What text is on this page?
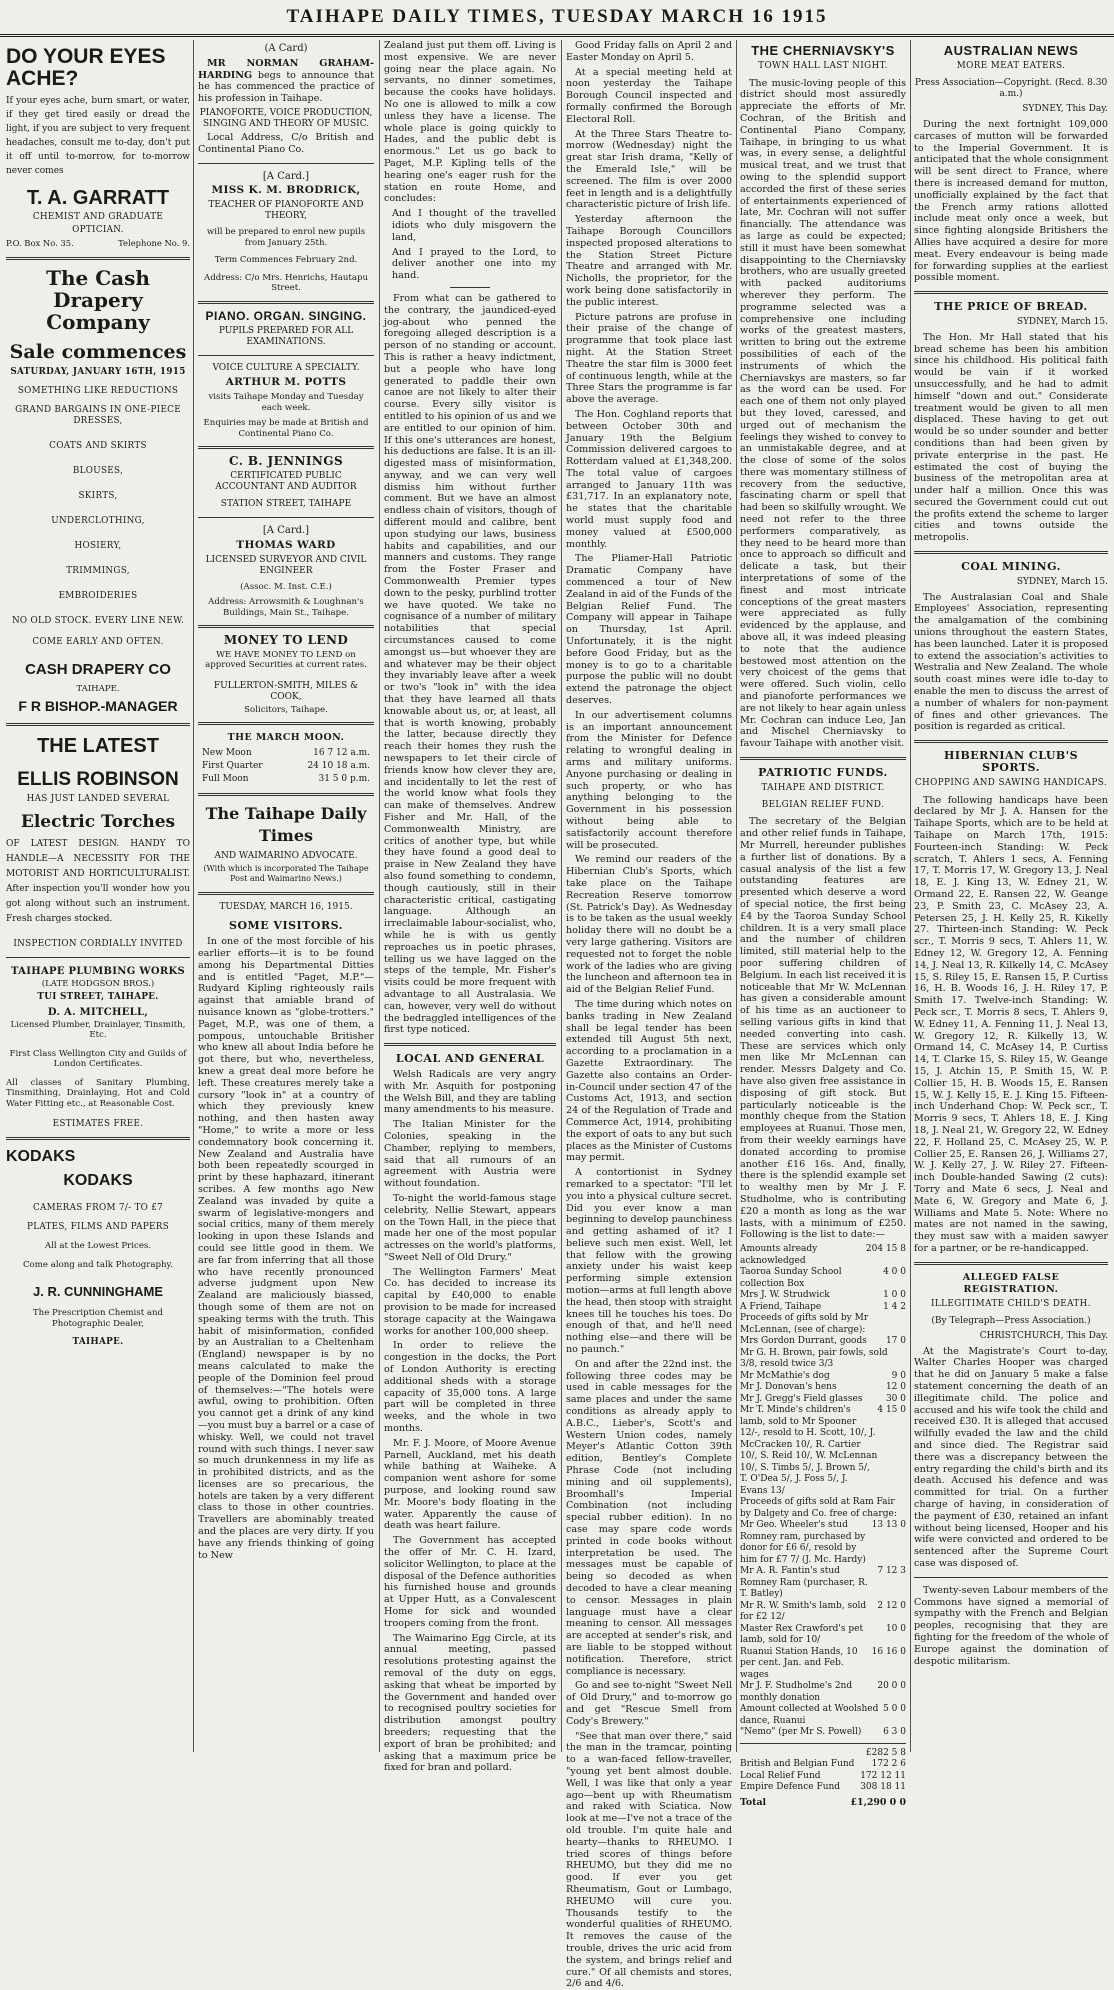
TAIHAPE DAILY TIMES, TUESDAY MARCH 16 1915
DO YOUR EYES ACHE?
If your eyes ache, burn smart, or water, if they get tired easily or dread the light, if you are subject to very frequent headaches, consult me to-day, don't put it off until to-morrow, for to-morrow never comes
T. A. GARRATT
CHEMIST AND GRADUATE
OPTICIAN.
P.O. Box No. 35.	Telephone No. 9.
The Cash Drapery Company
Sale commences
SATURDAY, JANUARY 16TH, 1915
SOMETHING LIKE REDUCTIONS
GRAND BARGAINS IN ONE-PIECE DRESSES,
COATS AND SKIRTS
BLOUSES,
SKIRTS,
UNDERCLOTHING,
HOSIERY,
TRIMMINGS,
EMBROIDERIES
NO OLD STOCK. EVERY LINE NEW.
COME EARLY AND OFTEN.
CASH DRAPERY CO
TAIHAPE.
F R BISHOP.-MANAGER
THE LATEST
ELLIS ROBINSON
HAS JUST LANDED SEVERAL
Electric Torches
OF LATEST DESIGN. HANDY TO HANDLE—A NECESSITY FOR THE MOTORIST AND HORTICULTURALIST. After inspection you'll wonder how you got along without such an instrument. Fresh charges stocked.
INSPECTION CORDIALLY INVITED
TAIHAPE PLUMBING WORKS
(LATE HODGSON BROS.)
TUI STREET, TAIHAPE.
D. A. MITCHELL,
Licensed Plumber, Drainlayer, Tinsmith, Etc.
First Class Wellington City and Guilds of London Certificates.
All classes of Sanitary Plumbing, Tinsmithing, Drainlaying, Hot and Cold Water Fitting etc., at Reasonable Cost.
ESTIMATES FREE.
KODAKS
KODAKS
CAMERAS FROM 7/- TO £7
PLATES, FILMS AND PAPERS
All at the Lowest Prices.
Come along and talk Photography.
J. R. CUNNINGHAME
The Prescription Chemist and Photographic Dealer,
TAIHAPE.
(A Card)

MR NORMAN GRAHAM-HARDING begs to announce that he has commenced the practice of his profession in Taihape.

PIANOFORTE, VOICE PRODUCTION, SINGING AND THEORY OF MUSIC.

Local Address, C/o British and Continental Piano Co.

[A Card.]
MISS K. M. BRODRICK,
TEACHER OF PIANOFORTE AND THEORY,
will be prepared to enrol new pupils from January 25th.
Term Commences February 2nd.
Address: C/o Mrs. Henrichs, Hautapu Street.
PIANO. ORGAN. SINGING.
PUPILS PREPARED FOR ALL EXAMINATIONS.
VOICE CULTURE A SPECIALTY.
ARTHUR M. POTTS
visits Taihape Monday and Tuesday each week.
Enquiries may be made at British and Continental Piano Co.
C. B. JENNINGS
CERTIFICATED PUBLIC ACCOUNTANT AND AUDITOR
STATION STREET, TAIHAPE
[A Card.]
THOMAS WARD
LICENSED SURVEYOR AND CIVIL ENGINEER
(Assoc. M. Inst. C.E.)
Address: Arrowsmith & Loughnan's Buildings, Main St., Taihape.
MONEY TO LEND
WE HAVE MONEY TO LEND on approved Securities at current rates.
FULLERTON-SMITH, MILES & COOK,
Solicitors, Taihape.
THE MARCH MOON.
New Moon	16 7 12 a.m.
First Quarter	24 10 18 a.m.
Full Moon	31 5 0 p.m.
The Taihape Daily Times
AND WAIMARINO ADVOCATE.
(With which is incorporated The Taihape Post and Waimarino News.)
TUESDAY, MARCH 16, 1915.
SOME VISITORS.

In one of the most forcible of his earlier efforts—it is to be found among his Departmental Ditties and is entitled "Paget, M.P."—Rudyard Kipling righteously rails against that amiable brand of nuisance known as "globe-trotters." Paget, M.P., was one of them, a pompous, untouchable Britisher who knew all about India before he got there, but who, nevertheless, knew a great deal more before he left. These creatures merely take a cursory "look in" at a country of which they previously knew nothing, and then hasten away "Home," to write a more or less condemnatory book concerning it. New Zealand and Australia have both been repeatedly scourged in print by these haphazard, itinerant scribes. A few months ago New Zealand was invaded by quite a swarm of legislative-mongers and social critics, many of them merely looking in upon these Islands and could see little good in them. We are far from inferring that all those who have recently pronounced adverse judgment upon New Zealand are maliciously biassed, though some of them are not on speaking terms with the truth. This habit of misinformation, confided by an Australian to a Cheltenham (England) newspaper is by no means calculated to make the people of the Dominion feel proud of themselves:—"The hotels were awful, owing to prohibition. Often you cannot get a drink of any kind—you must buy a barrel or a case of whisky. Well, we could not travel round with such things. I never saw so much drunkenness in my life as in prohibited districts, and as the licenses are so precarious, the hotels are taken by a very different class to those in other countries. Travellers are abominably treated and the places are very dirty. If you have any friends thinking of going to New

Zealand just put them off. Living is most expensive. We are never going near the place again. No servants, no dinner sometimes, because the cooks have holidays. No one is allowed to milk a cow unless they have a license. The whole place is going quickly to Hades, and the public debt is enormous." Let us go back to Paget, M.P. Kipling tells of the hearing one's eager rush for the station en route Home, and concludes:

And I thought of the travelled idiots who duly misgovern the land,

And I prayed to the Lord, to deliver another one into my hand.

From what can be gathered to the contrary, the jaundiced-eyed jog-about who penned the foregoing alleged description is a person of no standing or account. This is rather a heavy indictment, but a people who have long generated to paddle their own canoe are not likely to alter their course. Every silly visitor is entitled to his opinion of us and we are entitled to our opinion of him. If this one's utterances are honest, his deductions are false. It is an ill-digested mass of misinformation, anyway, and we can very well dismiss him without further comment. But we have an almost endless chain of visitors, though of different mould and calibre, bent upon studying our laws, business habits and capabilities, and our manners and customs. They range from the Foster Fraser and Commonwealth Premier types down to the pesky, purblind trotter we have quoted. We take no cognisance of a number of military notabilities that special circumstances caused to come amongst us—but whoever they are and whatever may be their object they invariably leave after a week or two's "look in" with the idea that they have learned all thats knowable about us, or, at least, all that is worth knowing, probably the latter, because directly they reach their homes they rush the newspapers to let their circle of friends know how clever they are, and incidentally to let the rest of the world know what fools they can make of themselves. Andrew Fisher and Mr. Hall, of the Commonwealth Ministry, are critics of another type, but while they have found a good deal to praise in New Zealand they have also found something to condemn, though cautiously, still in their characteristic critical, castigating language. Although an irreclaimable labour-socialist, who, while he is with us gently reproaches us in poetic phrases, telling us we have lagged on the steps of the temple, Mr. Fisher's visits could be more frequent with advantage to all Australasia. We can, however, very well do without the bedraggled intelligences of the first type noticed.

LOCAL AND GENERAL

Welsh Radicals are very angry with Mr. Asquith for postponing the Welsh Bill, and they are tabling many amendments to his measure.

The Italian Minister for the Colonies, speaking in the Chamber, replying to members, said that all rumours of an agreement with Austria were without foundation.

To-night the world-famous stage celebrity, Nellie Stewart, appears on the Town Hall, in the piece that made her one of the most popular actresses on the world's platforms, "Sweet Nell of Old Drury."

The Wellington Farmers' Meat Co. has decided to increase its capital by £40,000 to enable provision to be made for increased storage capacity at the Waingawa works for another 100,000 sheep.

In order to relieve the congestion in the docks, the Port of London Authority is erecting additional sheds with a storage capacity of 35,000 tons. A large part will be completed in three weeks, and the whole in two months.

Mr. F. J. Moore, of Moore Avenue Parnell, Auckland, met his death while bathing at Waiheke. A companion went ashore for some purpose, and looking round saw Mr. Moore's body floating in the water. Apparently the cause of death was heart failure.

The Government has accepted the offer of Mr. C. H. Izard, solicitor Wellington, to place at the disposal of the Defence authorities his furnished house and grounds at Upper Hutt, as a Convalescent Home for sick and wounded troopers coming from the front.

The Waimarino Egg Circle, at its annual meeting, passed resolutions protesting against the removal of the duty on eggs, asking that wheat be imported by the Government and handed over to recognised poultry societies for distribution amongst poultry breeders; requesting that the export of bran be prohibited; and asking that a maximum price be fixed for bran and pollard.

Good Friday falls on April 2 and Easter Monday on April 5.

At a special meeting held at noon yesterday the Taihape Borough Council inspected and formally confirmed the Borough Electoral Roll.

At the Three Stars Theatre to-morrow (Wednesday) night the great star Irish drama, "Kelly of the Emerald Isle," will be screened. The film is over 2000 feet in length and is a delightfully characteristic picture of Irish life.

Yesterday afternoon the Taihape Borough Councillors inspected proposed alterations to the Station Street Picture Theatre and arranged with Mr. Nicholls, the proprietor, for the work being done satisfactorily in the public interest.

Picture patrons are profuse in their praise of the change of programme that took place last night. At the Station Street Theatre the star film is 3000 feet of continuous length, while at the Three Stars the programme is far above the average.

The Hon. Coghland reports that between October 30th and January 19th the Belgium Commission delivered cargoes to Rotterdam valued at £1,348,200. The total value of cargoes arranged to January 11th was £31,717. In an explanatory note, he states that the charitable world must supply food and money valued at £500,000 monthly.

The Pliamer-Hall Patriotic Dramatic Company have commenced a tour of New Zealand in aid of the Funds of the Belgian Relief Fund. The Company will appear in Taihape on Thursday, 1st April. Unfortunately, it is the night before Good Friday, but as the money is to go to a charitable purpose the public will no doubt extend the patronage the object deserves.

In our advertisement columns is an important announcement from the Minister for Defence relating to wrongful dealing in arms and military uniforms. Anyone purchasing or dealing in such property, or who has anything belonging to the Government in his possession without being able to satisfactorily account therefore will be prosecuted.

We remind our readers of the Hibernian Club's Sports, which take place on the Taihape Recreation Reserve tomorrow (St. Patrick's Day). As Wednesday is to be taken as the usual weekly holiday there will no doubt be a very large gathering. Visitors are requested not to forget the noble work of the ladies who are giving the luncheon and afternoon tea in aid of the Belgian Relief Fund.

The time during which notes on banks trading in New Zealand shall be legal tender has been extended till August 5th next, according to a proclamation in a Gazette Extraordinary. The Gazette also contains an Order-in-Council under section 47 of the Customs Act, 1913, and section 24 of the Regulation of Trade and Commerce Act, 1914, prohibiting the export of oats to any but such places as the Minister of Customs may permit.

A contortionist in Sydney remarked to a spectator: "I'll let you into a physical culture secret. Did you ever know a man beginning to develop paunchiness and getting ashamed of it? I believe such men exist. Well, let that fellow with the growing anxiety under his waist keep performing simple extension motion—arms at full length above the head, then stoop with straight knees till he touches his toes. Do enough of that, and he'll need nothing else—and there will be no paunch."

On and after the 22nd inst. the following three codes may be used in cable messages for the same places and under the same conditions as already apply to A.B.C., Lieber's, Scott's and Western Union codes, namely Meyer's Atlantic Cotton 39th edition, Bentley's Complete Phrase Code (not including mining and oil supplements), Broomhall's Imperial Combination (not including special rubber edition). In no case may spare code words printed in code books without interpretation be used. The messages must be capable of being so decoded as when decoded to have a clear meaning to censor. Messages in plain language must have a clear meaning to censor. All messages are accepted at sender's risk, and are liable to be stopped without notification. Therefore, strict compliance is necessary.

Go and see to-night "Sweet Nell of Old Drury," and to-morrow go and get "Rescue Smell from Cody's Brewery."

"See that man over there," said the man in the tramcar, pointing to a wan-faced fellow-traveller, "young yet bent almost double. Well, I was like that only a year ago—bent up with Rheumatism and raked with Sciatica. Now look at me—I've not a trace of the old trouble. I'm quite hale and hearty—thanks to RHEUMO. I tried scores of things before RHEUMO, but they did me no good. If ever you get Rheumatism, Gout or Lumbago, RHEUMO will cure you. Thousands testify to the wonderful qualities of RHEUMO. It removes the cause of the trouble, drives the uric acid from the system, and brings relief and cure." Of all chemists and stores, 2/6 and 4/6.

THE CHERNIAVSKY'S
TOWN HALL LAST NIGHT.

The music-loving people of this district should most assuredly appreciate the efforts of Mr. Cochran, of the British and Continental Piano Company, Taihape, in bringing to us what was, in every sense, a delightful musical treat, and we trust that owing to the splendid support accorded the first of these series of entertainments experienced of late, Mr. Cochran will not suffer financially. The attendance was as large as could be expected; still it must have been somewhat disappointing to the Cherniavsky brothers, who are usually greeted with packed auditoriums wherever they perform. The programme selected was a comprehensive one including works of the greatest masters, written to bring out the extreme possibilities of each of the instruments of which the Cherniavskys are masters, so far as the word can be used. For each one of them not only played but they loved, caressed, and urged out of mechanism the feelings they wished to convey to an unmistakable degree, and at the close of some of the solos there was momentary stillness of recovery from the seductive, fascinating charm or spell that had been so skilfully wrought. We need not refer to the three performers comparatively, as they need to be heard more than once to approach so difficult and delicate a task, but their interpretations of some of the finest and most intricate conceptions of the great masters were appreciated as fully evidenced by the applause, and above all, it was indeed pleasing to note that the audience bestowed most attention on the very choicest of the gems that were offered. Such violin, cello and pianoforte performances we are not likely to hear again unless Mr. Cochran can induce Leo, Jan and Mischel Cherniavsky to favour Taihape with another visit.

PATRIOTIC FUNDS.
TAIHAPE AND DISTRICT.
BELGIAN RELIEF FUND.

The secretary of the Belgian and other relief funds in Taihape, Mr Murrell, hereunder publishes a further list of donations. By a casual analysis of the list a few outstanding features are presented which deserve a word of special notice, the first being £4 by the Taoroa Sunday School children. It is a very small place and the number of children limited, still material help to the poor suffering children of Belgium. In each list received it is noticeable that Mr W. McLennan has given a considerable amount of his time as an auctioneer to selling various gifts in kind that needed converting into cash. These are services which only men like Mr McLennan can render. Messrs Dalgety and Co. have also given free assistance in disposing of gift stock. But particularly noticeable is the monthly cheque from the Station employees at Ruanui. Those men, from their weekly earnings have donated according to promise another £16 16s. And, finally, there is the splendid example set to wealthy men by Mr J. F. Studholme, who is contributing £20 a month as long as the war lasts, with a minimum of £250. Following is the list to date:—

Amounts already acknowledged
204 15 8
Taoroa Sunday School collection Box
4 0 0
Mrs J. W. Strudwick	1 0 0
A Friend, Taihape	1 4 2
Proceeds of gifts sold by Mr McLennan, (see of charge):
Mrs Gordon Durrant, goods 17 0
Mr G. H. Brown, pair fowls, sold 3/8, resold twice 3/3
Mr McMathie's dog	9 0
Mr J. Donovan's hens	12 0
Mr J. Gregg's Field glasses	30 0
Mr T. Minde's children's lamb, sold to Mr Spooner 12/-, resold to H. Scott, 10/, J. McCracken 10/, R. Cartier 10/, S. Reid 10/, W. McLennan 10/, S. Timbs 5/, J. Brown 5/, T. O'Dea 5/, J. Foss 5/, J. Evans 13/
4 15 0
Proceeds of gifts sold at Ram Fair by Dalgety and Co. free of charge:
Mr Geo. Wheeler's stud Romney ram, purchased by donor for £6 6/, resold by him for £7 7/ (J. Mc. Hardy)
13 13 0
Mr A. R. Fantin's stud Romney Ram (purchaser, R. T. Batley)
7 12 3
Mr R. W. Smith's lamb, sold for £2 12/
2 12 0
Master Rex Crawford's pet lamb, sold for 10/
10 0
Ruanui Station Hands, 10 per cent. Jan. and Feb. wages
16 16 0
Mr J. F. Studholme's 2nd monthly donation
20 0 0
Amount collected at Woolshed dance, Ruanui
5 0 0
"Nemo" (per Mr S. Powell) 6 3 0
£282 5 8
British and Belgian Fund 172 2 6
Local Relief Fund	172 12 11
Empire Defence Fund 308 18 11
Total	£1,290 0 0
AUSTRALIAN NEWS
MORE MEAT EATERS.
Press Association—Copyright. (Recd. 8.30 a.m.)
SYDNEY, This Day.

During the next fortnight 109,000 carcases of mutton will be forwarded to the Imperial Government. It is anticipated that the whole consignment will be sent direct to France, where there is increased demand for mutton, unofficially explained by the fact that the French army rations allotted include meat only once a week, but since fighting alongside Britishers the Allies have acquired a desire for more meat. Every endeavour is being made for forwarding supplies at the earliest possible moment.

THE PRICE OF BREAD.
SYDNEY, March 15.

The Hon. Mr Hall stated that his bread scheme has been his ambition since his childhood. His political faith would be vain if it worked unsuccessfully, and he had to admit himself "down and out." Considerate treatment would be given to all men displaced. These having to get out would be so under sounder and better conditions than had been given by private enterprise in the past. He estimated the cost of buying the business of the metropolitan area at under half a million. Once this was secured the Government could cut out the profits extend the scheme to larger cities and towns outside the metropolis.

COAL MINING.
SYDNEY, March 15.

The Australasian Coal and Shale Employees' Association, representing the amalgamation of the combining unions throughout the eastern States, has been launched. Later it is proposed to extend the association's activities to Westralia and New Zealand. The whole south coast mines were idle to-day to enable the men to discuss the arrest of a number of whalers for non-payment of fines and other grievances. The position is regarded as critical.

HIBERNIAN CLUB'S SPORTS.
CHOPPING AND SAWING HANDICAPS.

The following handicaps have been declared by Mr J. A. Hansen for the Taihape Sports, which are to be held at Taihape on March 17th, 1915: Fourteen-inch Standing: W. Peck scratch, T. Ahlers 1 secs, A. Fenning 17, T. Morris 17, W. Gregory 13, J. Neal 18, E. J. King 13, W. Edney 21, W. Ormand 22, E. Ransen 22, W. Geange 23, P. Smith 23, C. McAsey 23, A. Petersen 25, J. H. Kelly 25, R. Kikelly 27. Thirteen-inch Standing: W. Peck scr., T. Morris 9 secs, T. Ahlers 11, W. Edney 12, W. Gregory 12, A. Fenning 14, J. Neal 13, R. Kilkelly 14, C. McAsey 15, S. Riley 15, E. Ransen 15, P. Curtiss 16, H. B. Woods 16, J. H. Riley 17, P. Smith 17. Twelve-inch Standing: W. Peck scr., T. Morris 8 secs, T. Ahlers 9, W. Edney 11, A. Fenning 11, J. Neal 13, W. Gregory 12, R. Kilkelly 13, W. Ormand 14, C. McAsey 14, P. Curtiss 14, T. Clarke 15, S. Riley 15, W. Geange 15, J. Atchin 15, P. Smith 15, W. P. Collier 15, H. B. Woods 15, E. Ransen 15, W. J. Kelly 15, E. J. King 15. Fifteen-inch Underhand Chop: W. Peck scr., T. Morris 9 secs, T. Ahlers 18, E. J. King 18, J. Neal 21, W. Gregory 22, W. Edney 22, F. Holland 25, C. McAsey 25, W. P. Collier 25, E. Ransen 26, J. Williams 27, W. J. Kelly 27, J. W. Riley 27. Fifteen-inch Double-handed Sawing (2 cuts): Torry and Mate 6 secs, J. Neal and Mate 6, W. Gregory and Mate 6, J. Williams and Mate 5. Note: Where no mates are not named in the sawing, they must saw with a maiden sawyer for a partner, or be re-handicapped.

ALLEGED FALSE REGISTRATION.
ILLEGITIMATE CHILD'S DEATH.
(By Telegraph—Press Association.)
CHRISTCHURCH, This Day.

At the Magistrate's Court to-day, Walter Charles Hooper was charged that he did on January 5 make a false statement concerning the death of an illegitimate child. The police and accused and his wife took the child and received £30. It is alleged that accused wilfully evaded the law and the child and since died. The Registrar said there was a discrepancy between the entry regarding the child's birth and its death. Accused his defence and was committed for trial. On a further charge of having, in consideration of the payment of £30, retained an infant without being licensed, Hooper and his wife were convicted and ordered to be sentenced after the Supreme Court case was disposed of.

Twenty-seven Labour members of the Commons have signed a memorial of sympathy with the French and Belgian peoples, recognising that they are fighting for the freedom of the whole of Europe against the domination of despotic militarism.
